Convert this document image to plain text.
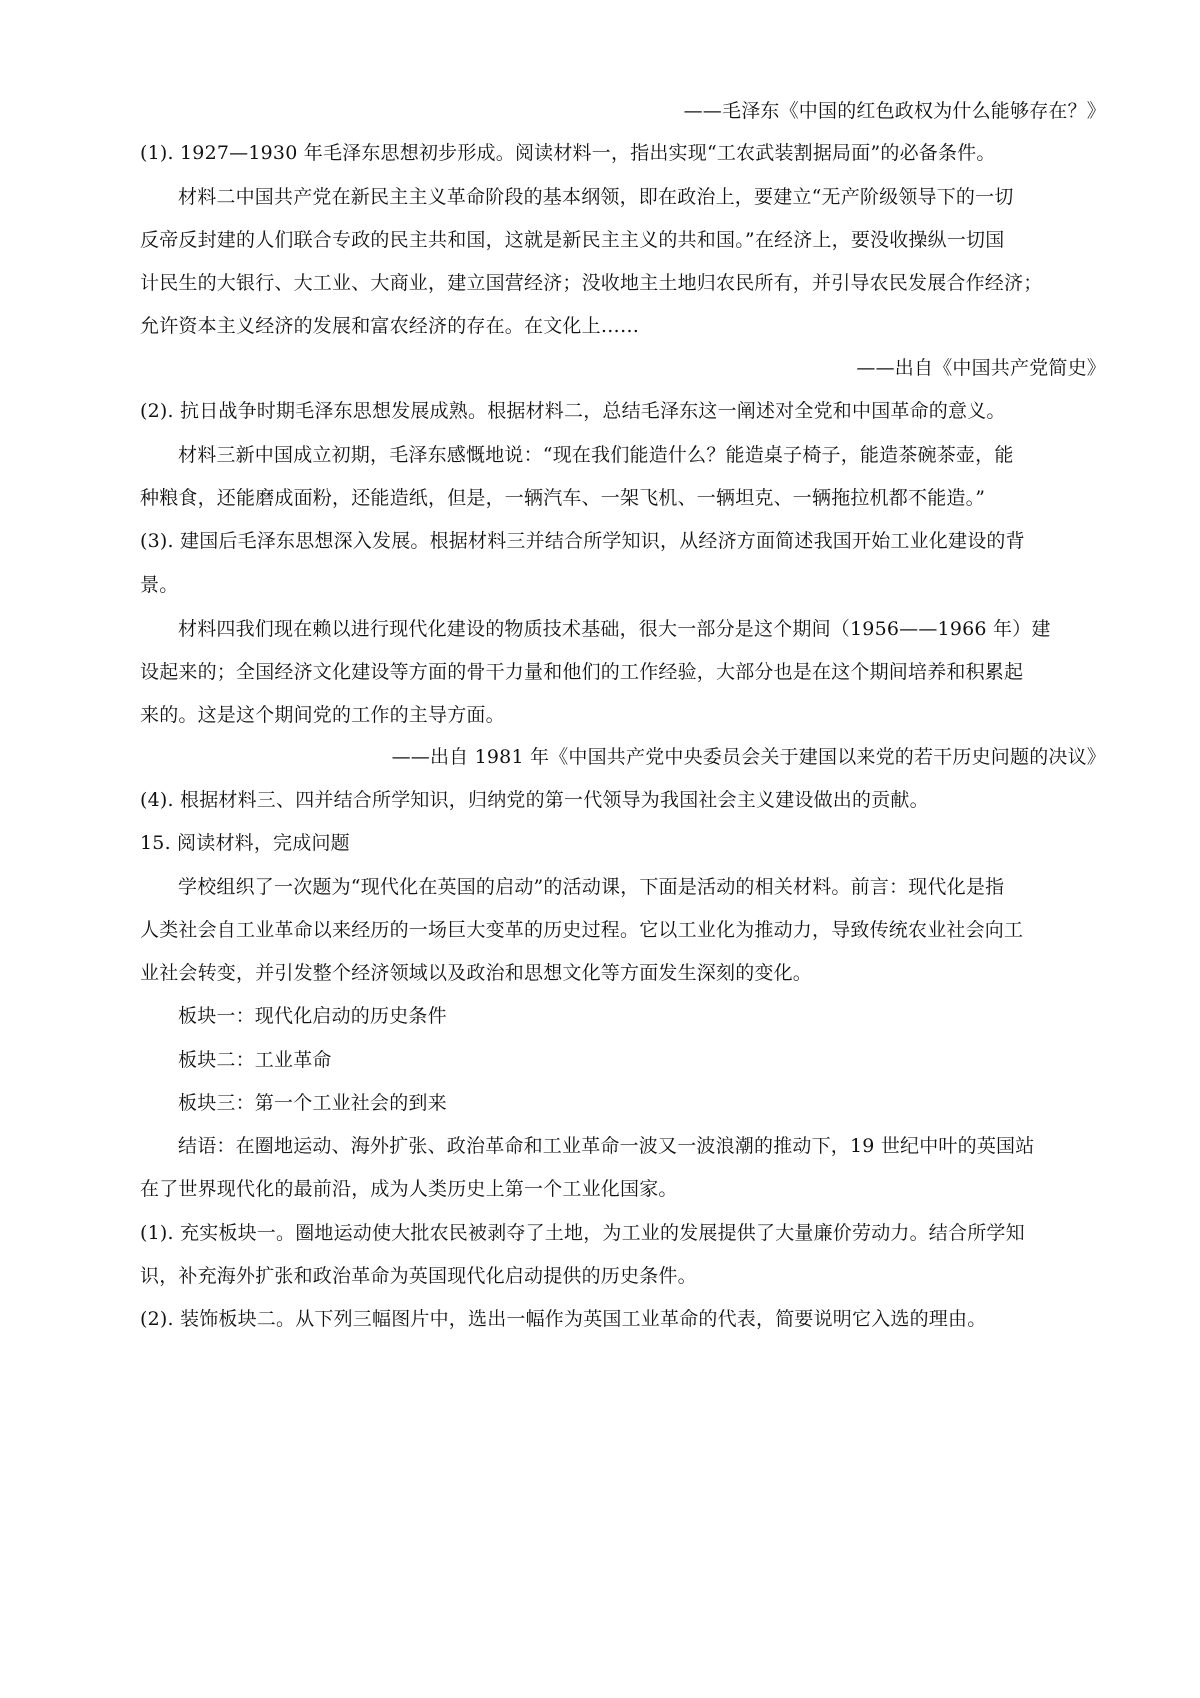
——毛泽东《中国的红色政权为什么能够存在？》
(1). 1927—1930 年毛泽东思想初步形成。阅读材料一，指出实现“工农武装割据局面”的必备条件。
材料二中国共产党在新民主主义革命阶段的基本纲领，即在政治上，要建立“无产阶级领导下的一切
反帝反封建的人们联合专政的民主共和国，这就是新民主主义的共和国。”在经济上，要没收操纵一切国
计民生的大银行、大工业、大商业，建立国营经济；没收地主土地归农民所有，并引导农民发展合作经济；
允许资本主义经济的发展和富农经济的存在。在文化上……
——出自《中国共产党简史》
(2). 抗日战争时期毛泽东思想发展成熟。根据材料二，总结毛泽东这一阐述对全党和中国革命的意义。
材料三新中国成立初期，毛泽东感慨地说：“现在我们能造什么？能造桌子椅子，能造茶碗茶壶，能
种粮食，还能磨成面粉，还能造纸，但是，一辆汽车、一架飞机、一辆坦克、一辆拖拉机都不能造。”
(3). 建国后毛泽东思想深入发展。根据材料三并结合所学知识，从经济方面简述我国开始工业化建设的背
景。
材料四我们现在赖以进行现代化建设的物质技术基础，很大一部分是这个期间（1956——1966 年）建
设起来的；全国经济文化建设等方面的骨干力量和他们的工作经验，大部分也是在这个期间培养和积累起
来的。这是这个期间党的工作的主导方面。
——出自 1981 年《中国共产党中央委员会关于建国以来党的若干历史问题的决议》
(4). 根据材料三、四并结合所学知识，归纳党的第一代领导为我国社会主义建设做出的贡献。
15. 阅读材料，完成问题
学校组织了一次题为“现代化在英国的启动”的活动课，下面是活动的相关材料。前言：现代化是指
人类社会自工业革命以来经历的一场巨大变革的历史过程。它以工业化为推动力，导致传统农业社会向工
业社会转变，并引发整个经济领域以及政治和思想文化等方面发生深刻的变化。
板块一：现代化启动的历史条件
板块二：工业革命
板块三：第一个工业社会的到来
结语：在圈地运动、海外扩张、政治革命和工业革命一波又一波浪潮的推动下，19 世纪中叶的英国站
在了世界现代化的最前沿，成为人类历史上第一个工业化国家。
(1). 充实板块一。圈地运动使大批农民被剥夺了土地，为工业的发展提供了大量廉价劳动力。结合所学知
识，补充海外扩张和政治革命为英国现代化启动提供的历史条件。
(2). 装饰板块二。从下列三幅图片中，选出一幅作为英国工业革命的代表，简要说明它入选的理由。
